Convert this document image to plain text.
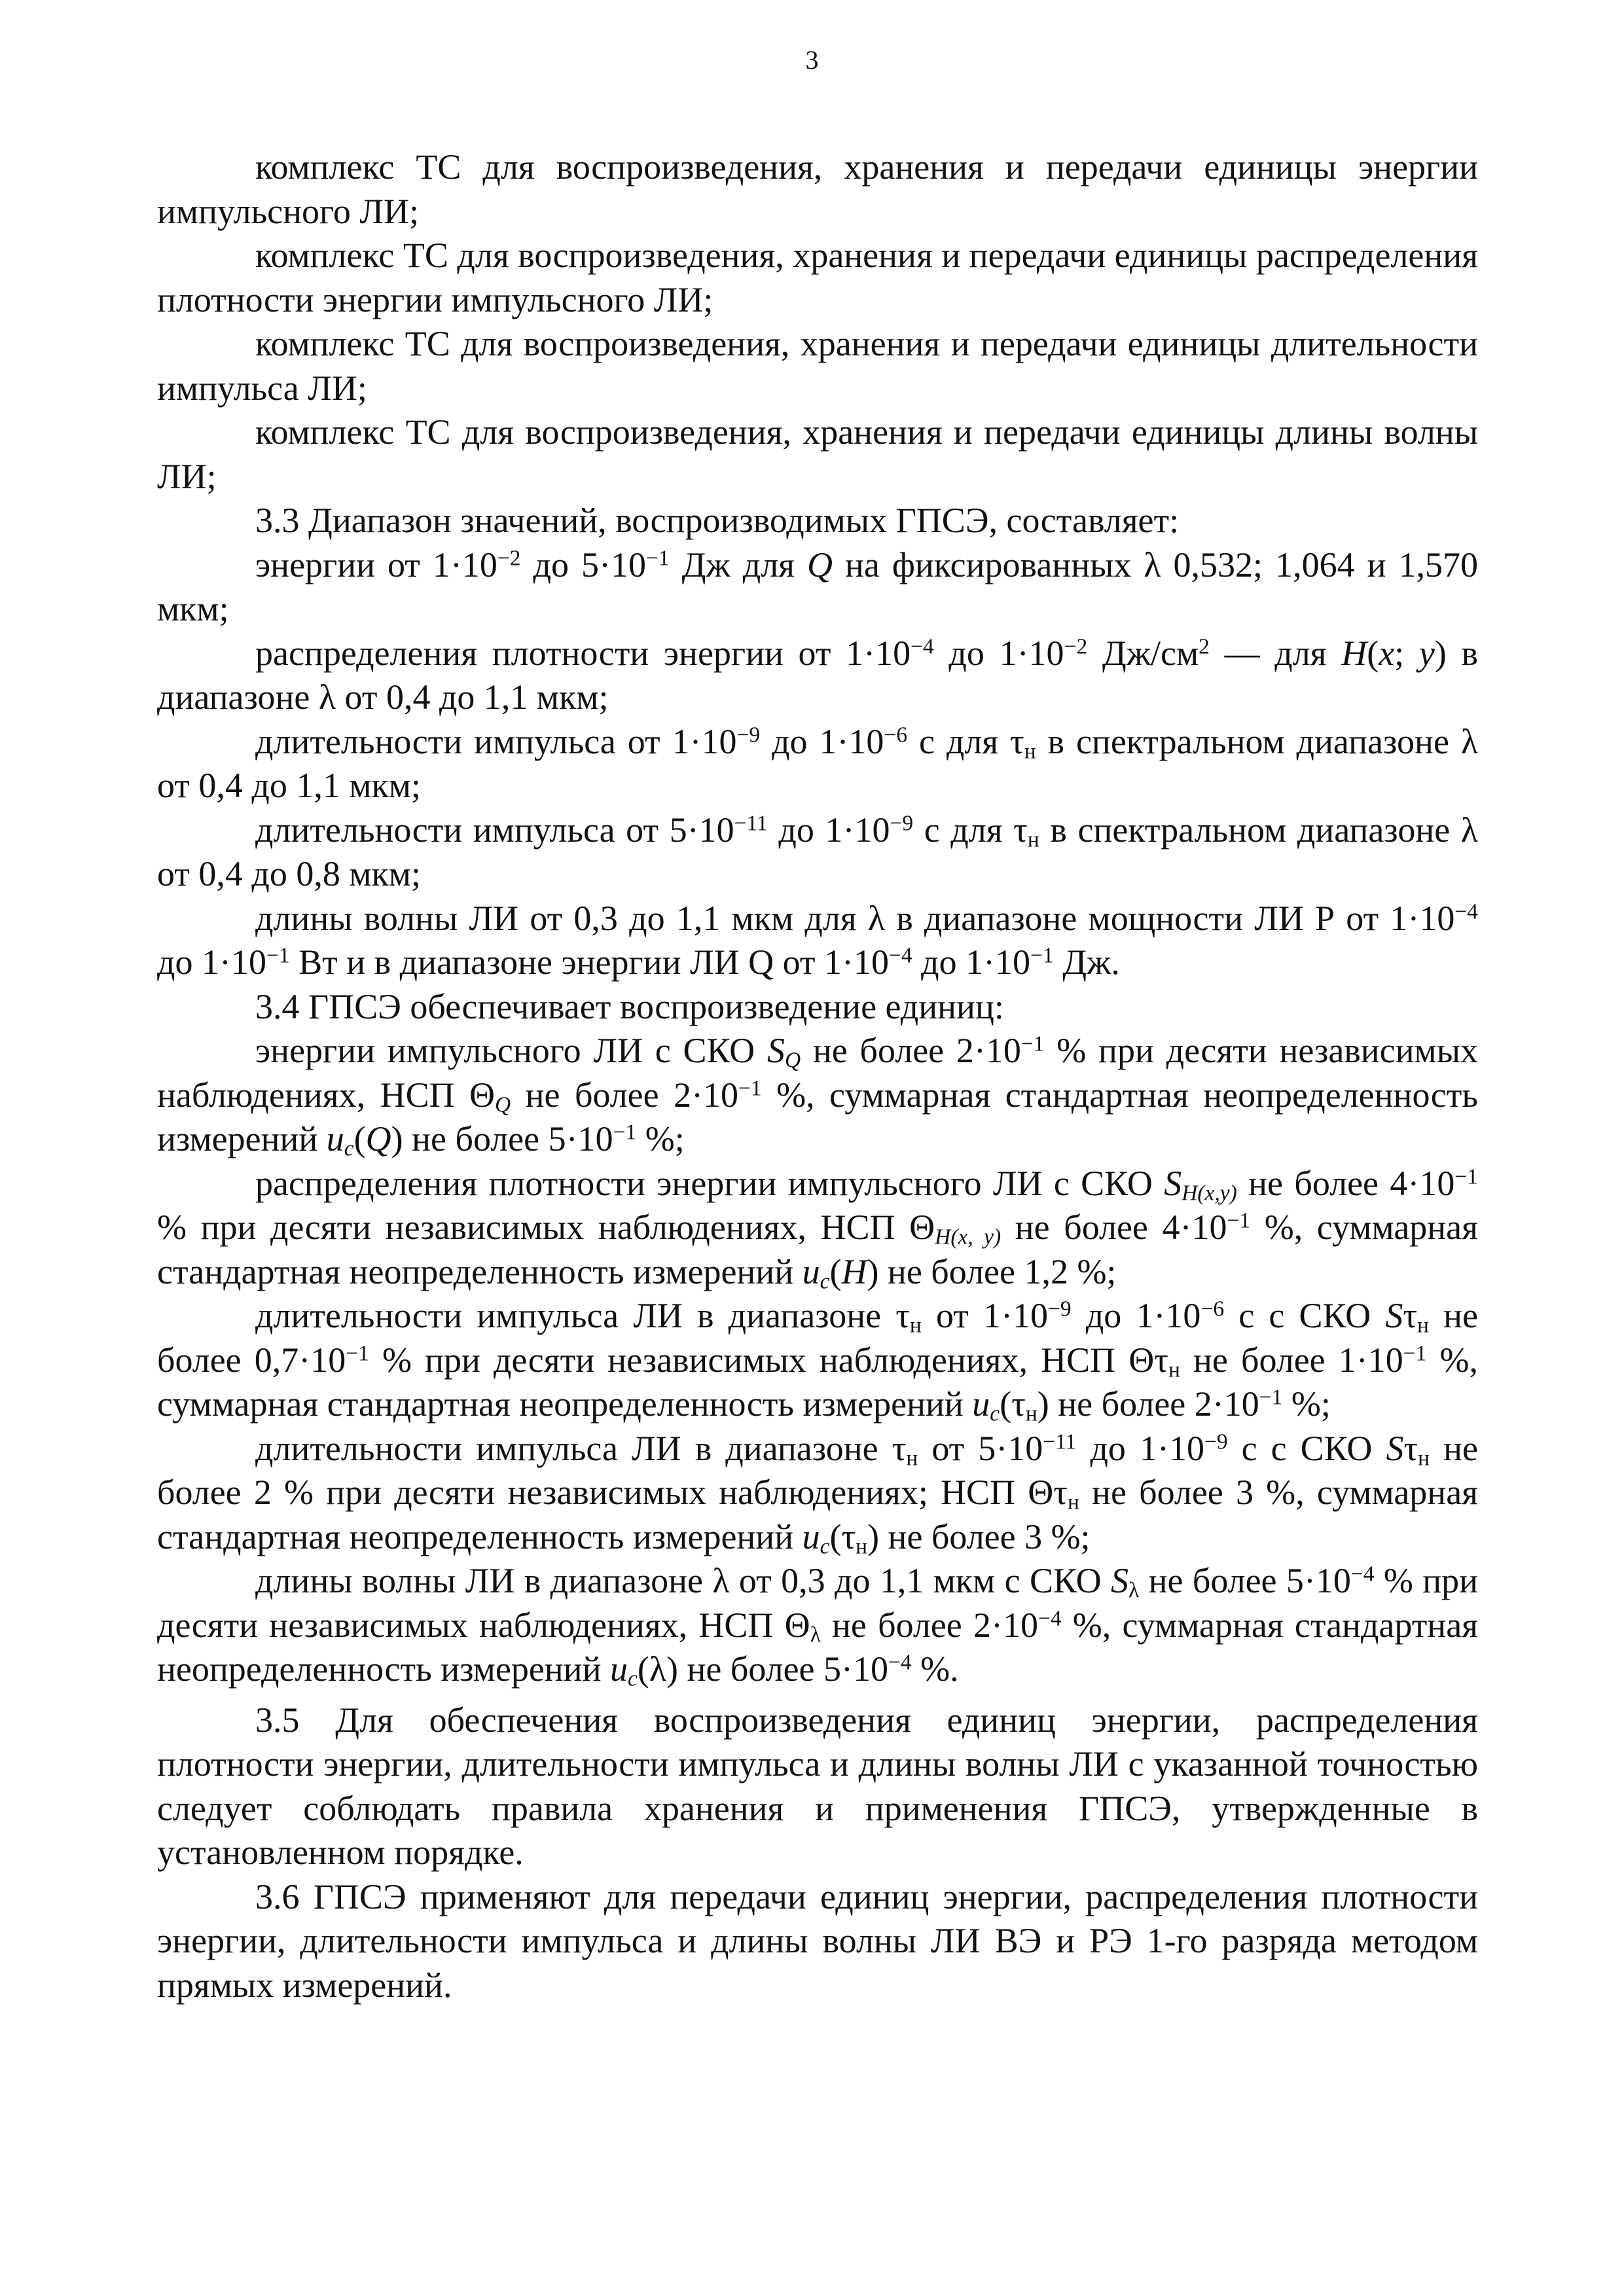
3

комплекс ТС для воспроизведения, хранения и передачи единицы энергии импульсного ЛИ;

комплекс ТС для воспроизведения, хранения и передачи единицы распределения плотности энергии импульсного ЛИ;

комплекс ТС для воспроизведения, хранения и передачи единицы длительности импульса ЛИ;

комплекс ТС для воспроизведения, хранения и передачи единицы длины волны ЛИ;

3.3 Диапазон значений, воспроизводимых ГПСЭ, составляет:

энергии от $1\cdot 10^{-2}$ до $5\cdot 10^{-1}$ Дж для Q на фиксированных λ 0,532; 1,064 и 1,570 мкм;

распределения плотности энергии от $1\cdot 10^{-4}$ до $1\cdot 10^{-2}$ $Дж/см^2$ — для H(x; y) в диапазоне λ от 0,4 до 1,1 мкм;

длительности импульса от $1\cdot 10^{-9}$ до $1\cdot 10^{-6}$ с для $\tau_н$ в спектральном диапазоне λ от 0,4 до 1,1 мкм;

длительности импульса от $5\cdot 10^{-11}$ до $1\cdot 10^{-9}$ с для $\tau_н$ в спектральном диапазоне λ от 0,4 до 0,8 мкм;

длины волны ЛИ от 0,3 до 1,1 мкм для λ в диапазоне мощности ЛИ Р от $1\cdot 10^{-4}$ до $1\cdot 10^{-1}$ Вт и в диапазоне энергии ЛИ Q от $1\cdot 10^{-4}$ до $1\cdot 10^{-1}$ Дж.

3.4 ГПСЭ обеспечивает воспроизведение единиц:

энергии импульсного ЛИ с СКО $S_Q$ не более $2\cdot 10^{-1}$ % при десяти независимых наблюдениях, НСП $\Theta_Q$ не более $2\cdot 10^{-1}$ %, суммарная стандартная неопределенность измерений $u_c(Q)$ не более $5\cdot 10^{-1}$ %;

распределения плотности энергии импульсного ЛИ с СКО $S_{H(x,y)}$ не более $4\cdot 10^{-1}$ % при десяти независимых наблюдениях, НСП $\Theta_{H(x, y)}$ не более $4\cdot 10^{-1}$ %, суммарная стандартная неопределенность измерений $u_c(H)$ не более 1,2 %;

длительности импульса ЛИ в диапазоне $\tau_н$ от $1\cdot 10^{-9}$ до $1\cdot 10^{-6}$ с с СКО $S\tau_н$ не более $0,7\cdot 10^{-1}$ % при десяти независимых наблюдениях, НСП $\Theta\tau_н$ не более $1\cdot 10^{-1}$ %, суммарная стандартная неопределенность измерений $u_c(\tau_н)$ не более $2\cdot 10^{-1}$ %;

длительности импульса ЛИ в диапазоне $\tau_н$ от $5\cdot 10^{-11}$ до $1\cdot 10^{-9}$ с с СКО $S\tau_н$ не более 2 % при десяти независимых наблюдениях; НСП $\Theta\tau_н$ не более 3 %, суммарная стандартная неопределенность измерений $u_c(\tau_н)$ не более 3 %;

длины волны ЛИ в диапазоне λ от 0,3 до 1,1 мкм с СКО $S_\lambda$ не более $5\cdot 10^{-4}$ % при десяти независимых наблюдениях, НСП $\Theta_\lambda$ не более $2\cdot 10^{-4}$ %, суммарная стандартная неопределенность измерений $u_c(\lambda)$ не более $5\cdot 10^{-4}$ %.

3.5 Для обеспечения воспроизведения единиц энергии, распределения плотности энергии, длительности импульса и длины волны ЛИ с указанной точностью следует соблюдать правила хранения и применения ГПСЭ, утвержденные в установленном порядке.

3.6 ГПСЭ применяют для передачи единиц энергии, распределения плотности энергии, длительности импульса и длины волны ЛИ ВЭ и РЭ 1-го разряда методом прямых измерений.
